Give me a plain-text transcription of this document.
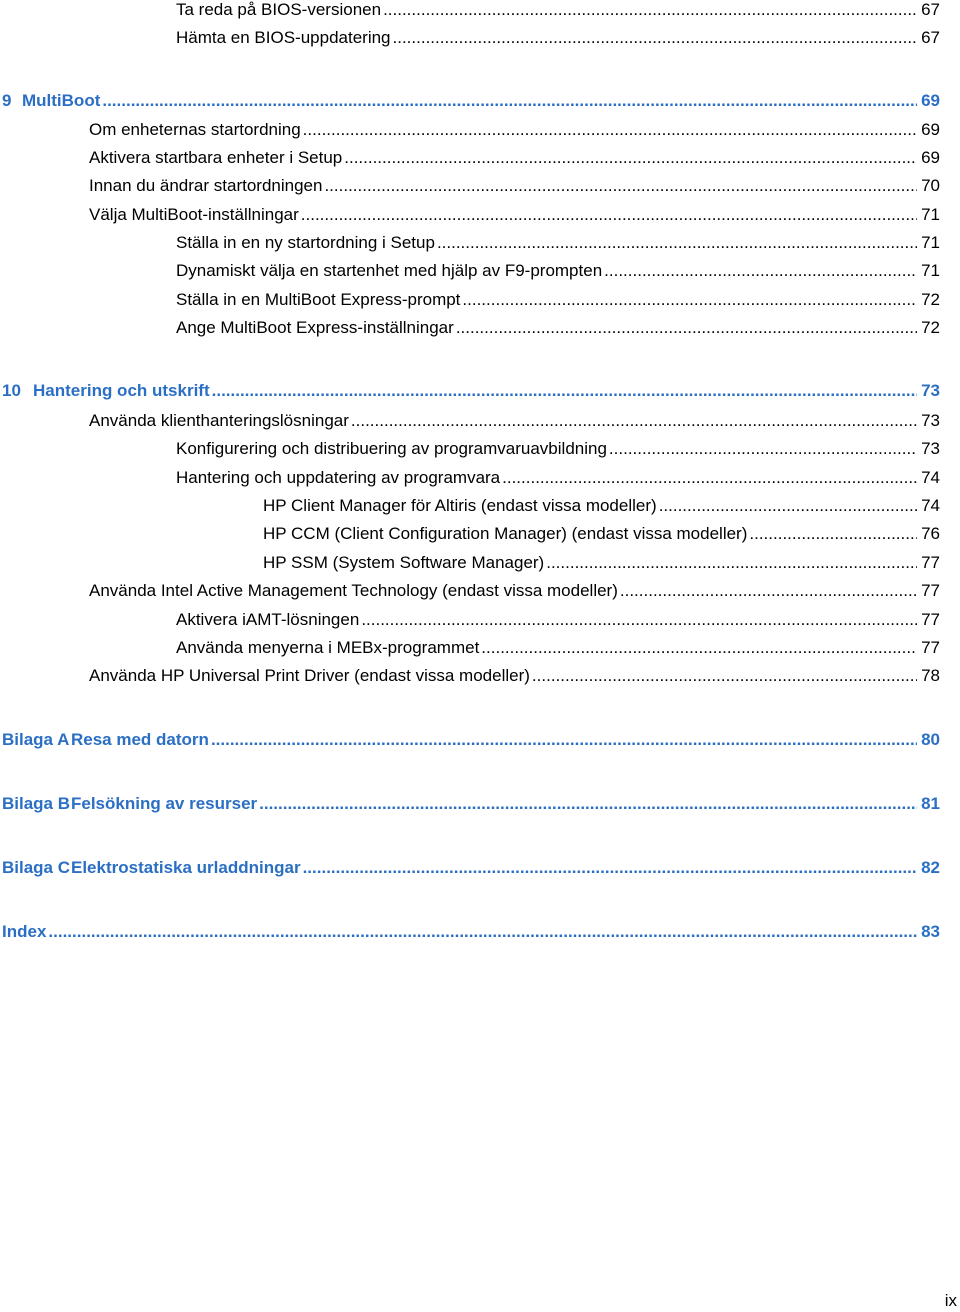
Ta reda på BIOS-versionen .....	67
Hämta en BIOS-uppdatering .....	67
9 MultiBoot .....	69
Om enheternas startordning .....	69
Aktivera startbara enheter i Setup .....	69
Innan du ändrar startordningen .....	70
Välja MultiBoot-inställningar .....	71
Ställa in en ny startordning i Setup .....	71
Dynamiskt välja en startenhet med hjälp av F9-prompten .....	71
Ställa in en MultiBoot Express-prompt .....	72
Ange MultiBoot Express-inställningar .....	72
10 Hantering och utskrift .....	73
Använda klienthanteringslösningar .....	73
Konfigurering och distribuering av programvaruavbildning .....	73
Hantering och uppdatering av programvara .....	74
HP Client Manager för Altiris (endast vissa modeller) .....	74
HP CCM (Client Configuration Manager) (endast vissa modeller) .....	76
HP SSM (System Software Manager) .....	77
Använda Intel Active Management Technology (endast vissa modeller) .....	77
Aktivera iAMT-lösningen .....	77
Använda menyerna i MEBx-programmet .....	77
Använda HP Universal Print Driver (endast vissa modeller) .....	78
Bilaga AResa med datorn .....	80
Bilaga BFelsökning av resurser .....	81
Bilaga CElektrostatiska urladdningar .....	82
Index .....	83
ix
